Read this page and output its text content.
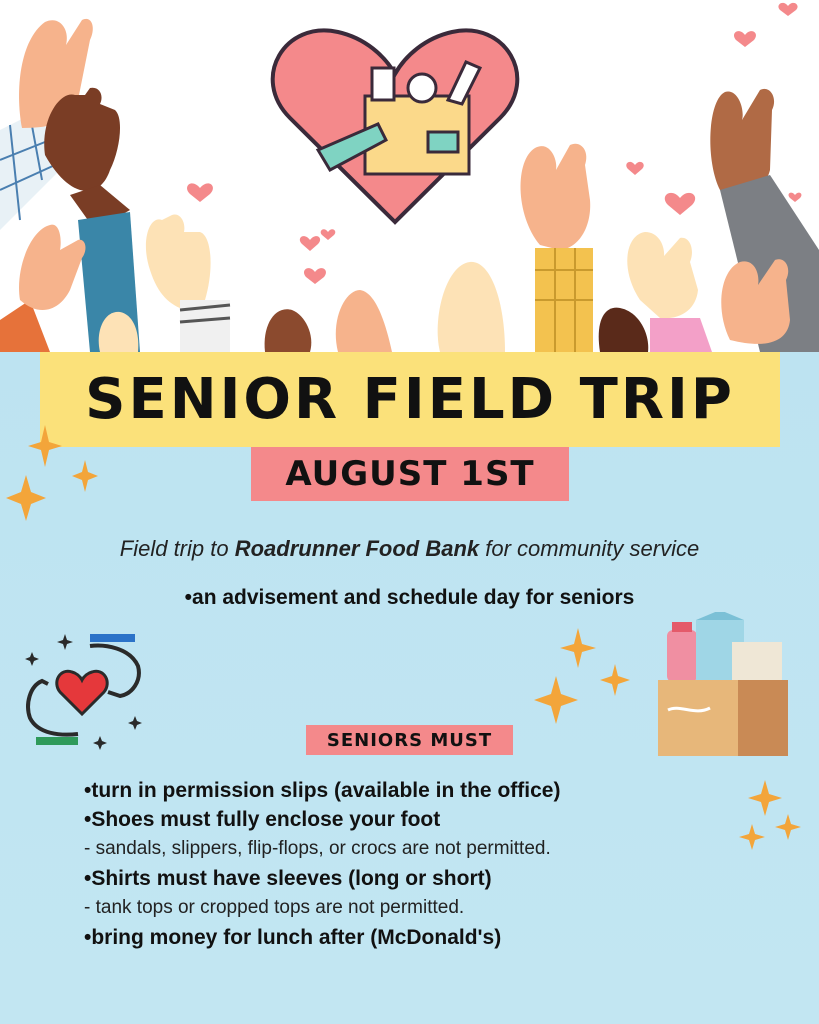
SENIOR FIELD TRIP
AUGUST 1ST
Field trip to Roadrunner Food Bank for community service
•an advisement and schedule day for seniors
SENIORS MUST
•turn in permission slips (available in the office)
•Shoes must fully enclose your foot
- sandals, slippers, flip-flops, or crocs are not permitted.
•Shirts must have sleeves (long or short)
- tank tops or cropped tops are not permitted.
•bring money for lunch after (McDonald's)
